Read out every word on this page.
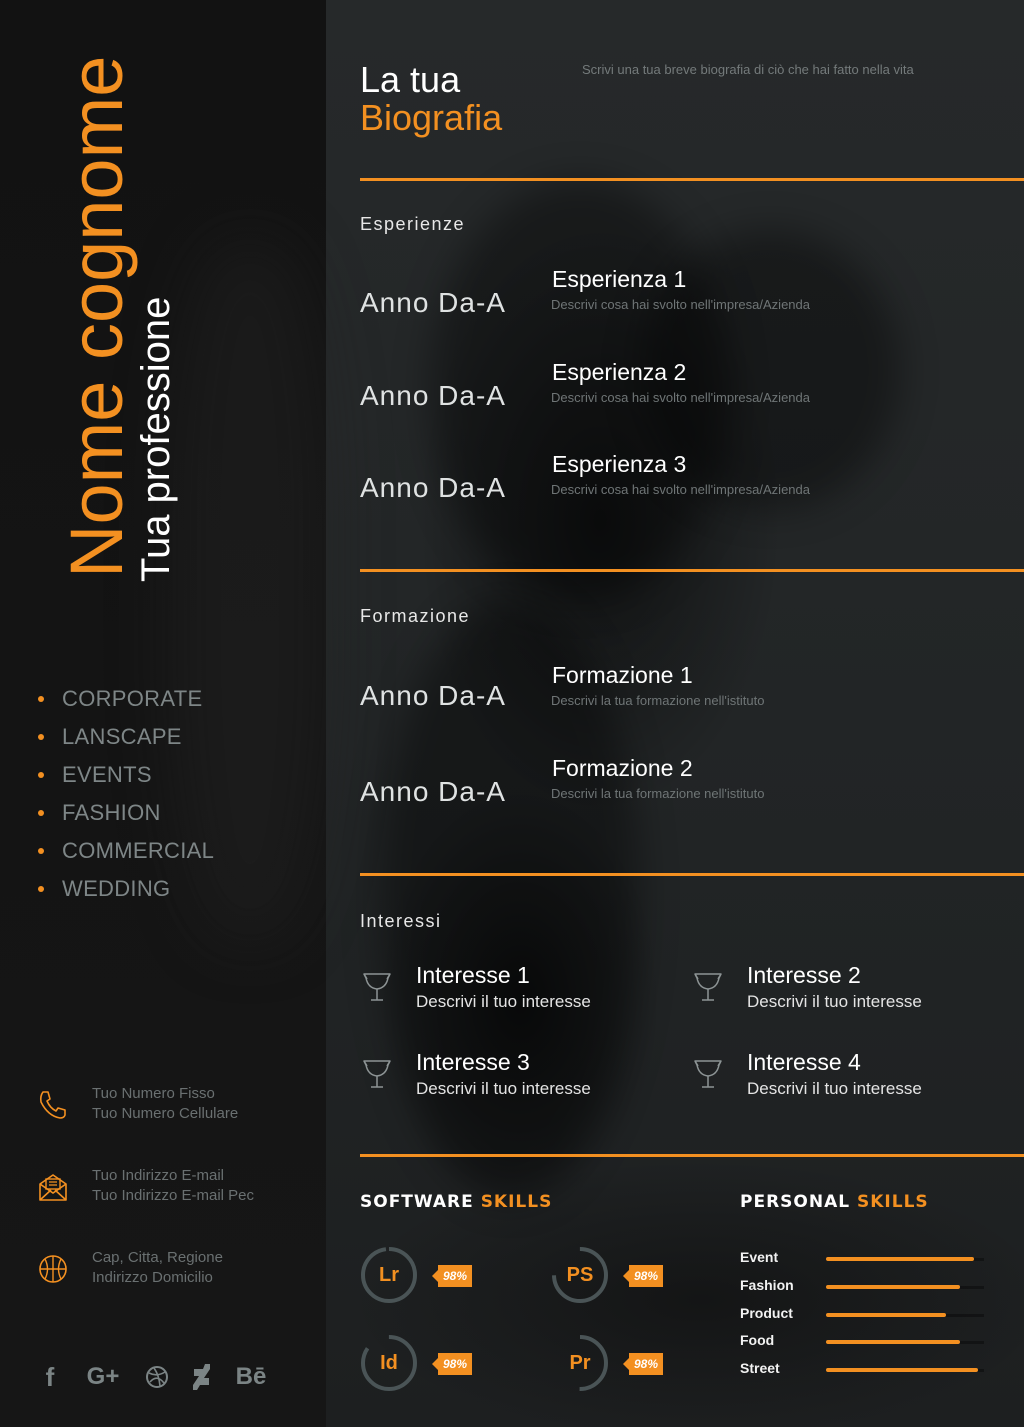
Nome cognome
Tua professione
CORPORATE
LANSCAPE
EVENTS
FASHION
COMMERCIAL
WEDDING
Tuo Numero Fisso
Tuo Numero Cellulare
Tuo Indirizzo E-mail
Tuo Indirizzo E-mail Pec
Cap, Citta, Regione
Indirizzo Domicilio
f G+	Bē
La tua
Biografia
Scrivi una tua breve biografia di ciò che hai fatto nella vita
Esperienze
Anno Da-A
Esperienza 1
Descrivi cosa hai svolto nell'impresa/Azienda
Anno Da-A
Esperienza 2
Descrivi cosa hai svolto nell'impresa/Azienda
Anno Da-A
Esperienza 3
Descrivi cosa hai svolto nell'impresa/Azienda
Formazione
Anno Da-A
Formazione 1
Descrivi la tua formazione nell'istituto
Anno Da-A
Formazione 2
Descrivi la tua formazione nell'istituto
Interessi
Interesse 1
Descrivi il tuo interesse
Interesse 2
Descrivi il tuo interesse
Interesse 3
Descrivi il tuo interesse
Interesse 4
Descrivi il tuo interesse
SOFTWARE SKILLS
Lr	98%	PS	98%
Id	98%	Pr	98%
PERSONAL SKILLS
Event
Fashion
Product
Food
Street
